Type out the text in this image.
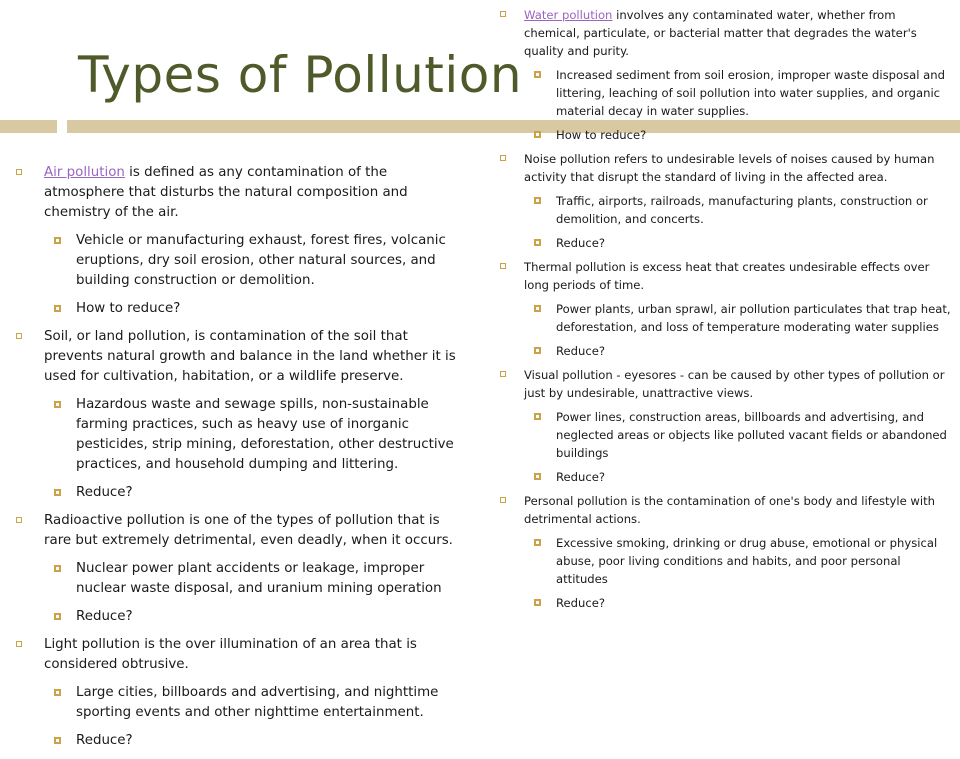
Types of Pollution
Air pollution is defined as any contamination of the atmosphere that disturbs the natural composition and chemistry of the air.
Vehicle or manufacturing exhaust, forest fires, volcanic eruptions, dry soil erosion, other natural sources, and building construction or demolition.
How to reduce?
Soil, or land pollution, is contamination of the soil that prevents natural growth and balance in the land whether it is used for cultivation, habitation, or a wildlife preserve.
Hazardous waste and sewage spills, non-sustainable farming practices, such as heavy use of inorganic pesticides, strip mining, deforestation, other destructive practices, and household dumping and littering.
Reduce?
Radioactive pollution is one of the types of pollution that is rare but extremely detrimental, even deadly, when it occurs.
Nuclear power plant accidents or leakage, improper nuclear waste disposal, and uranium mining operation
Reduce?
Light pollution is the over illumination of an area that is considered obtrusive.
Large cities, billboards and advertising, and nighttime sporting events and other nighttime entertainment.
Reduce?
Water pollution involves any contaminated water, whether from chemical, particulate, or bacterial matter that degrades the water's quality and purity.
Increased sediment from soil erosion, improper waste disposal and littering, leaching of soil pollution into water supplies, and organic material decay in water supplies.
How to reduce?
Noise pollution refers to undesirable levels of noises caused by human activity that disrupt the standard of living in the affected area.
Traffic, airports, railroads, manufacturing plants, construction or demolition, and concerts.
Reduce?
Thermal pollution is excess heat that creates undesirable effects over long periods of time.
Power plants, urban sprawl, air pollution particulates that trap heat, deforestation, and loss of temperature moderating water supplies
Reduce?
Visual pollution - eyesores - can be caused by other types of pollution or just by undesirable, unattractive views.
Power lines, construction areas, billboards and advertising, and neglected areas or objects like polluted vacant fields or abandoned buildings
Reduce?
Personal pollution is the contamination of one's body and lifestyle with detrimental actions.
Excessive smoking, drinking or drug abuse, emotional or physical abuse, poor living conditions and habits, and poor personal attitudes
Reduce?
